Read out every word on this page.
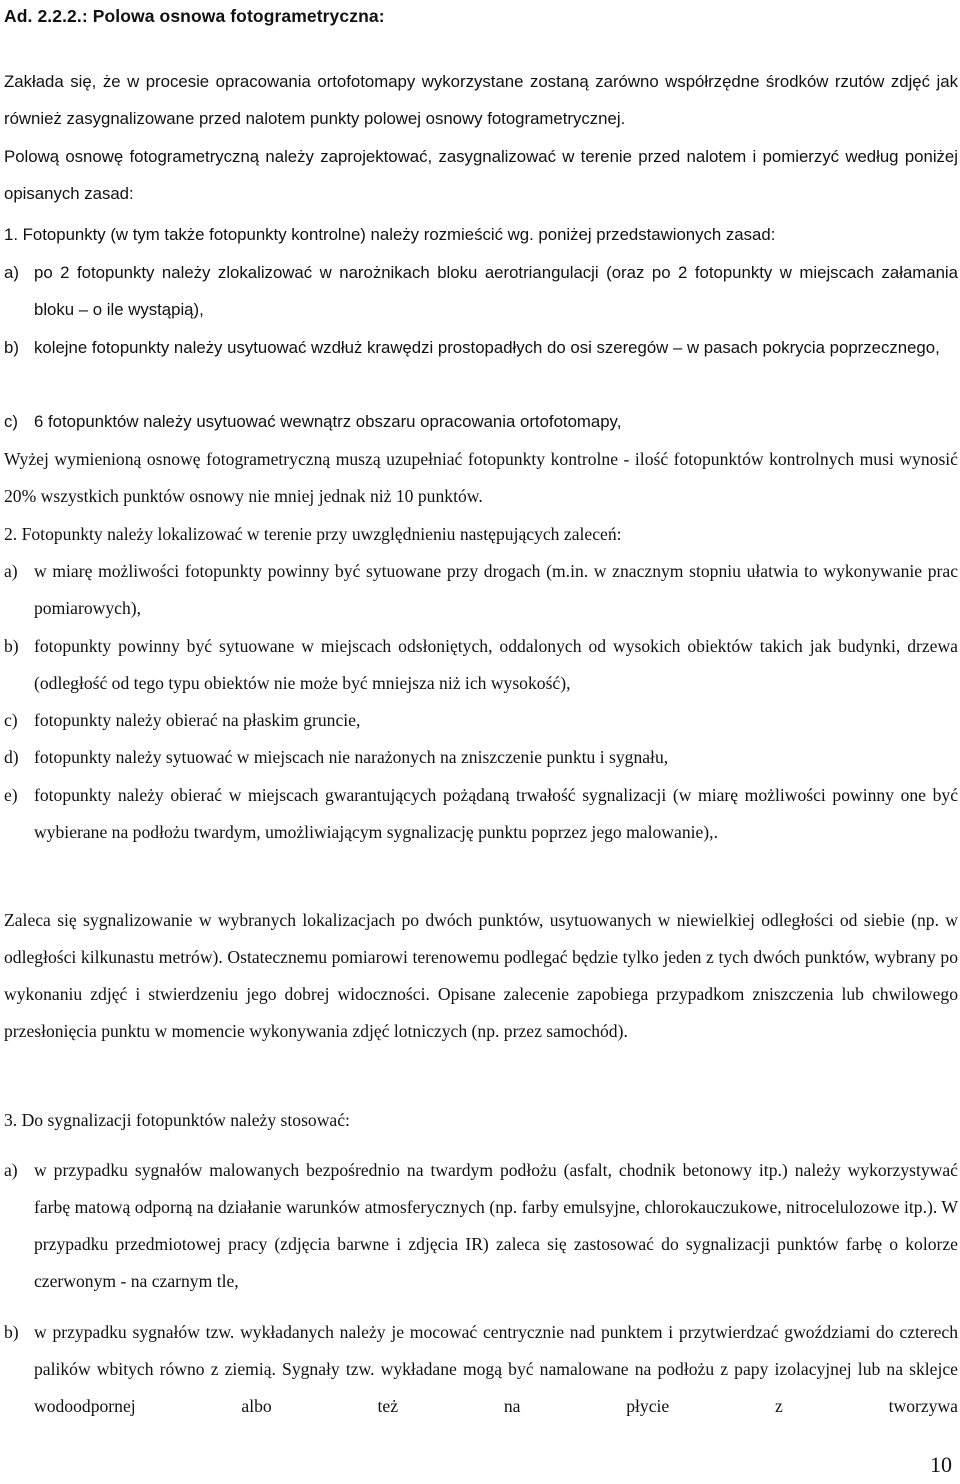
Ad. 2.2.2.: Polowa osnowa fotogrametryczna:

Zakłada się, że w procesie opracowania ortofotomapy wykorzystane zostaną zarówno współrzędne środków rzutów zdjęć jak również zasygnalizowane przed nalotem punkty polowej osnowy fotogrametrycznej.

Polową osnowę fotogrametryczną należy zaprojektować, zasygnalizować w terenie przed nalotem i pomierzyć według poniżej opisanych zasad:

1. Fotopunkty (w tym także fotopunkty kontrolne) należy rozmieścić wg. poniżej przedstawionych zasad:

a) po 2 fotopunkty należy zlokalizować w narożnikach bloku aerotriangulacji (oraz po 2 fotopunkty w miejscach załamania bloku – o ile wystąpią),

b) kolejne fotopunkty należy usytuować wzdłuż krawędzi prostopadłych do osi szeregów – w pasach pokrycia poprzecznego,

c) 6 fotopunktów należy usytuować wewnątrz obszaru opracowania ortofotomapy,

Wyżej wymienioną osnowę fotogrametryczną muszą uzupełniać fotopunkty kontrolne - ilość fotopunktów kontrolnych musi wynosić 20% wszystkich punktów osnowy nie mniej jednak niż 10 punktów.

2. Fotopunkty należy lokalizować w terenie przy uwzględnieniu następujących zaleceń:

a) w miarę możliwości fotopunkty powinny być sytuowane przy drogach (m.in. w znacznym stopniu ułatwia to wykonywanie prac pomiarowych),

b) fotopunkty powinny być sytuowane w miejscach odsłoniętych, oddalonych od wysokich obiektów takich jak budynki, drzewa (odległość od tego typu obiektów nie może być mniejsza niż ich wysokość),

c) fotopunkty należy obierać na płaskim gruncie,

d) fotopunkty należy sytuować w miejscach nie narażonych na zniszczenie punktu i sygnału,

e) fotopunkty należy obierać w miejscach gwarantujących pożądaną trwałość sygnalizacji (w miarę możliwości powinny one być wybierane na podłożu twardym, umożliwiającym sygnalizację punktu poprzez jego malowanie),.

Zaleca się sygnalizowanie w wybranych lokalizacjach po dwóch punktów, usytuowanych w niewielkiej odległości od siebie (np. w odległości kilkunastu metrów). Ostatecznemu pomiarowi terenowemu podlegać będzie tylko jeden z tych dwóch punktów, wybrany po wykonaniu zdjęć i stwierdzeniu jego dobrej widoczności. Opisane zalecenie zapobiega przypadkom zniszczenia lub chwilowego przesłonięcia punktu w momencie wykonywania zdjęć lotniczych (np. przez samochód).

3. Do sygnalizacji fotopunktów należy stosować:

a) w przypadku sygnałów malowanych bezpośrednio na twardym podłożu (asfalt, chodnik betonowy itp.) należy wykorzystywać farbę matową odporną na działanie warunków atmosferycznych (np. farby emulsyjne, chlorokauczukowe, nitrocelulozowe itp.). W przypadku przedmiotowej pracy (zdjęcia barwne i zdjęcia IR) zaleca się zastosować do sygnalizacji punktów farbę o kolorze czerwonym - na czarnym tle,

b) w przypadku sygnałów tzw. wykładanych należy je mocować centrycznie nad punktem i przytwierdzać gwoździami do czterech palików wbitych równo z ziemią. Sygnały tzw. wykładane mogą być namalowane na podłożu z papy izolacyjnej lub na sklejce wodoodpornej albo też na płycie z tworzywa

10
